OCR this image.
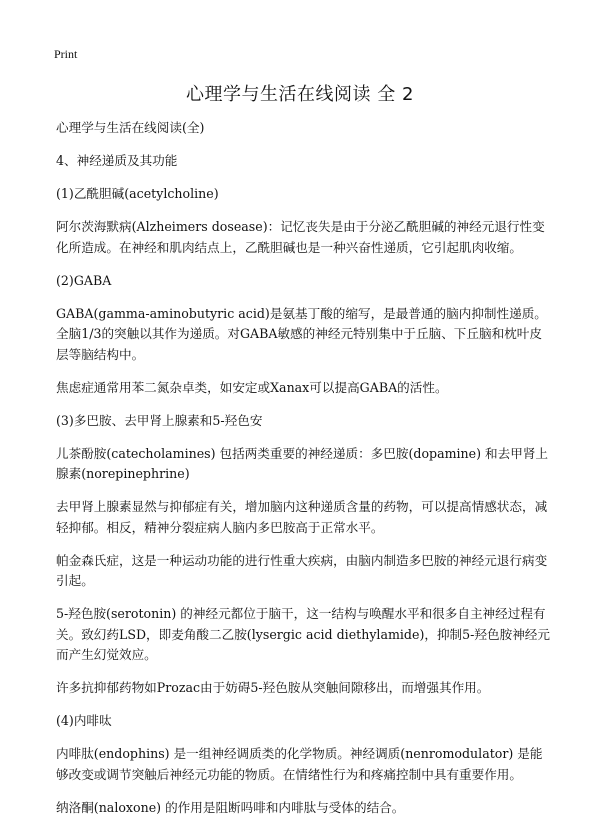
Print
心理学与生活在线阅读 全 2

心理学与生活在线阅读(全)

4、神经递质及其功能

(1)乙酰胆碱(acetylcholine)

阿尔茨海默病(Alzheimers dosease)：记忆丧失是由于分泌乙酰胆碱的神经元退行性变化所造成。在神经和肌肉结点上，乙酰胆碱也是一种兴奋性递质，它引起肌肉收缩。

(2)GABA

GABA(gamma-aminobutyric acid)是氨基丁酸的缩写，是最普通的脑内抑制性递质。全脑1/3的突触以其作为递质。对GABA敏感的神经元特别集中于丘脑、下丘脑和枕叶皮层等脑结构中。

焦虑症通常用苯二氮杂卓类，如安定或Xanax可以提高GABA的活性。

(3)多巴胺、去甲肾上腺素和5-羟色安

儿茶酚胺(catecholamines) 包括两类重要的神经递质：多巴胺(dopamine) 和去甲肾上腺素(norepinephrine)

去甲肾上腺素显然与抑郁症有关，增加脑内这种递质含量的药物，可以提高情感状态，减轻抑郁。相反，精神分裂症病人脑内多巴胺高于正常水平。

帕金森氏症，这是一种运动功能的进行性重大疾病，由脑内制造多巴胺的神经元退行病变引起。

5-羟色胺(serotonin) 的神经元都位于脑干，这一结构与唤醒水平和很多自主神经过程有关。致幻药LSD，即麦角酸二乙胺(lysergic acid diethylamide)，抑制5-羟色胺神经元而产生幻觉效应。

许多抗抑郁药物如Prozac由于妨碍5-羟色胺从突触间隙移出，而增强其作用。

(4)内啡呔

内啡肽(endophins) 是一组神经调质类的化学物质。神经调质(nenromodulator) 是能够改变或调节突触后神经元功能的物质。在情绪性行为和疼痛控制中具有重要作用。

纳洛酮(naloxone) 的作用是阻断吗啡和内啡肽与受体的结合。
